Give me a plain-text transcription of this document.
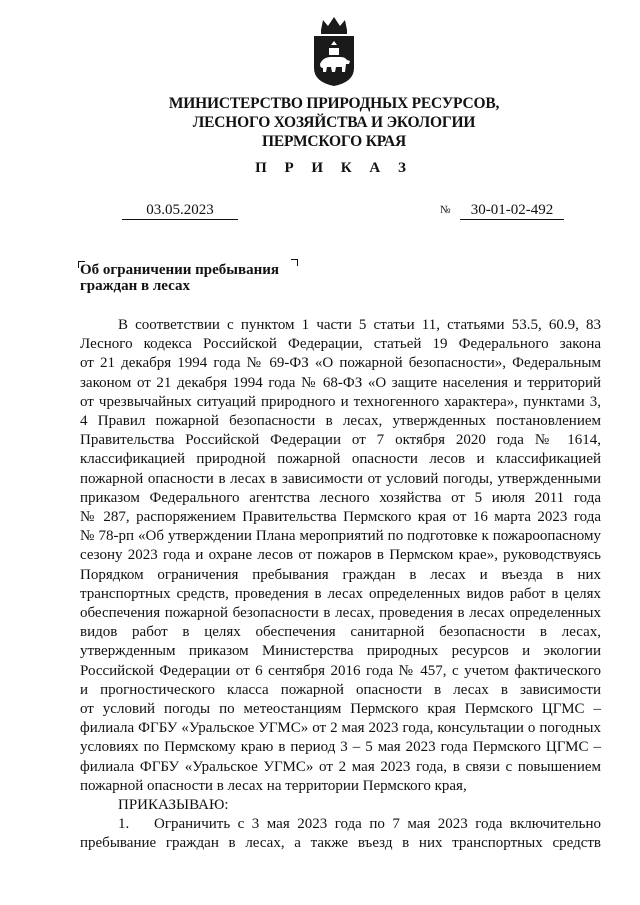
МИНИСТЕРСТВО ПРИРОДНЫХ РЕСУРСОВ,
ЛЕСНОГО ХОЗЯЙСТВА И ЭКОЛОГИИ
ПЕРМСКОГО КРАЯ
П Р И К А З
03.05.2023	№	30-01-02-492
Об ограничении пребывания
граждан в лесах

В соответствии с пунктом 1 части 5 статьи 11, статьями 53.5, 60.9, 83

Лесного кодекса Российской Федерации, статьей 19 Федерального закона

от 21 декабря 1994 года № 69-ФЗ «О пожарной безопасности», Федеральным

законом от 21 декабря 1994 года № 68-ФЗ «О защите населения и территорий

от чрезвычайных ситуаций природного и техногенного характера», пунктами 3,

4 Правил пожарной безопасности в лесах, утвержденных постановлением

Правительства Российской Федерации от 7 октября 2020 года № 1614,

классификацией природной пожарной опасности лесов и классификацией

пожарной опасности в лесах в зависимости от условий погоды, утвержденными

приказом Федерального агентства лесного хозяйства от 5 июля 2011 года

№ 287, распоряжением Правительства Пермского края от 16 марта 2023 года

№ 78-рп «Об утверждении Плана мероприятий по подготовке к пожароопасному

сезону 2023 года и охране лесов от пожаров в Пермском крае», руководствуясь

Порядком ограничения пребывания граждан в лесах и въезда в них

транспортных средств, проведения в лесах определенных видов работ в целях

обеспечения пожарной безопасности в лесах, проведения в лесах определенных

видов работ в целях обеспечения санитарной безопасности в лесах,

утвержденным приказом Министерства природных ресурсов и экологии

Российской Федерации от 6 сентября 2016 года № 457, с учетом фактического

и прогностического класса пожарной опасности в лесах в зависимости

от условий погоды по метеостанциям Пермского края Пермского ЦГМС –

филиала ФГБУ «Уральское УГМС» от 2 мая 2023 года, консультации о погодных

условиях по Пермскому краю в период 3 – 5 мая 2023 года Пермского ЦГМС –

филиала ФГБУ «Уральское УГМС» от 2 мая 2023 года, в связи с повышением

пожарной опасности в лесах на территории Пермского края,

ПРИКАЗЫВАЮ:

1. Ограничить с 3 мая 2023 года по 7 мая 2023 года включительно

пребывание граждан в лесах, а также въезд в них транспортных средств
